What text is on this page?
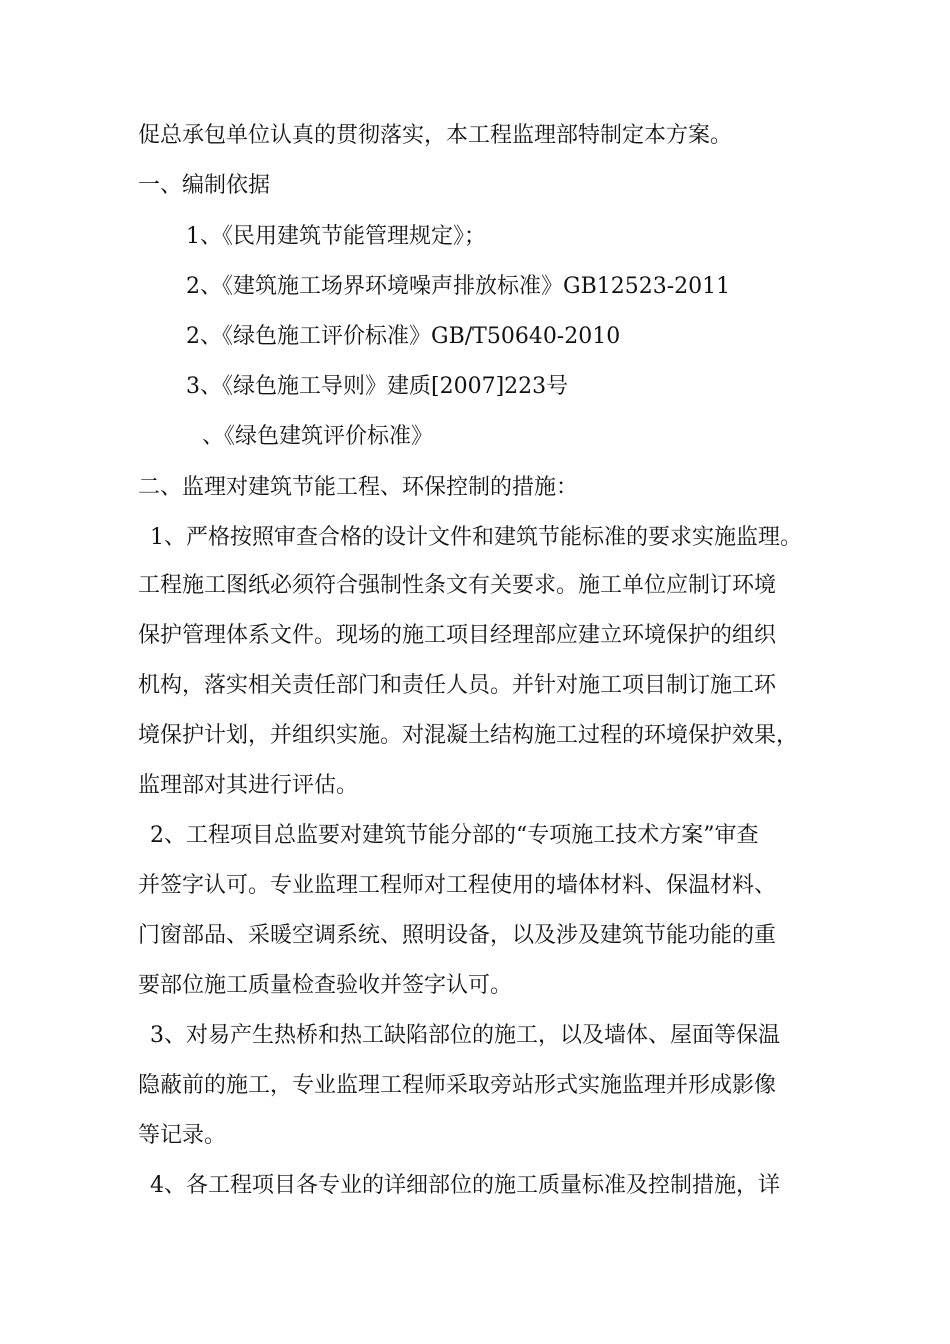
促总承包单位认真的贯彻落实，本工程监理部特制定本方案。

一、编制依据

1、《民用建筑节能管理规定》；

2、《建筑施工场界环境噪声排放标准》GB12523-2011

2、《绿色施工评价标准》GB/T50640-2010

3、《绿色施工导则》建质[2007]223号

、《绿色建筑评价标准》

二、监理对建筑节能工程、环保控制的措施：

1、严格按照审查合格的设计文件和建筑节能标准的要求实施监理。

工程施工图纸必须符合强制性条文有关要求。施工单位应制订环境

保护管理体系文件。现场的施工项目经理部应建立环境保护的组织

机构，落实相关责任部门和责任人员。并针对施工项目制订施工环

境保护计划，并组织实施。对混凝土结构施工过程的环境保护效果，

监理部对其进行评估。

2、工程项目总监要对建筑节能分部的“专项施工技术方案”审查

并签字认可。专业监理工程师对工程使用的墙体材料、保温材料、

门窗部品、采暖空调系统、照明设备，以及涉及建筑节能功能的重

要部位施工质量检查验收并签字认可。

3、对易产生热桥和热工缺陷部位的施工，以及墙体、屋面等保温

隐蔽前的施工，专业监理工程师采取旁站形式实施监理并形成影像

等记录。

4、各工程项目各专业的详细部位的施工质量标准及控制措施，详
